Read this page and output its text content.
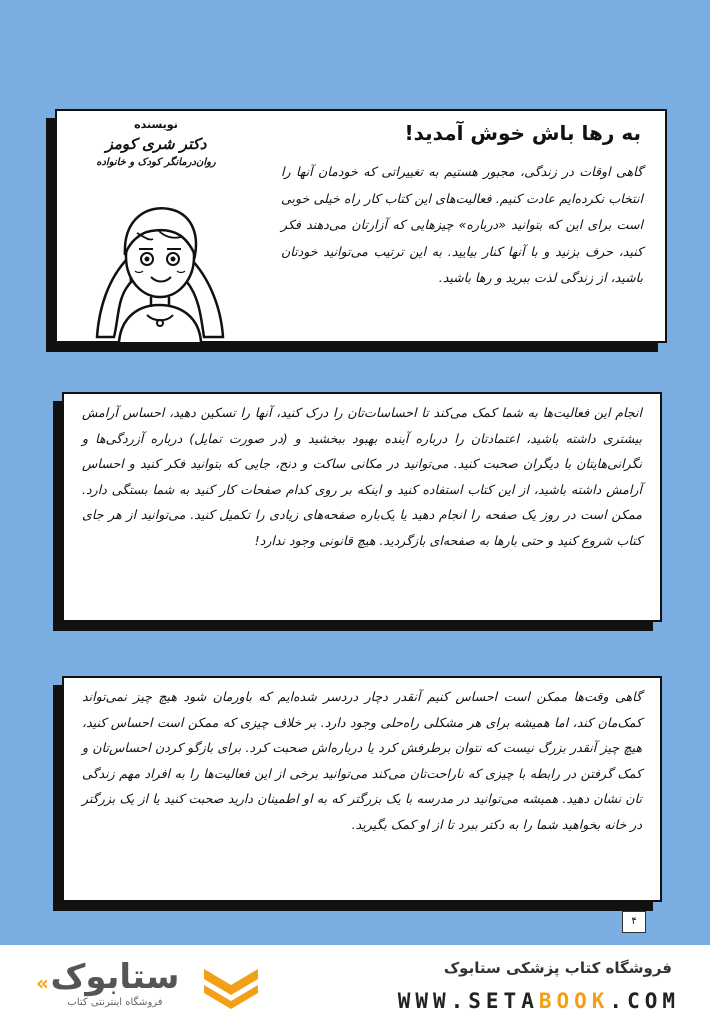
به رها باش خوش آمدید!
گاهی اوقات در زندگی، مجبور هستیم به تغییراتی که خودمان آنها را انتخاب نکرده‌ایم عادت کنیم. فعالیت‌های این کتاب کار راه خیلی خوبی است برای این که بتوانید «درباره» چیزهایی که آزارتان می‌دهند فکر کنید، حرف بزنید و با آنها کنار بیایید. به این ترتیب می‌توانید خودتان باشید، از زندگی لذت ببرید و رها باشید.
نویسنده
دکتر شری کومز
روان‌درمانگر کودک و خانواده
انجام این فعالیت‌ها به شما کمک می‌کند تا احساسات‌تان را درک کنید، آنها را تسکین دهید، احساس آرامش بیشتری داشته باشید، اعتماد‌تان را درباره آینده بهبود ببخشید و (در صورت تمایل) درباره آزردگی‌ها و نگرانی‌هایتان با دیگران صحبت کنید. می‌توانید در مکانی ساکت و دنج، جایی که بتوانید فکر کنید و احساس آرامش داشته باشید، از این کتاب استفاده کنید و اینکه بر روی کدام صفحات کار کنید به شما بستگی دارد. ممکن است در روز یک صفحه را انجام دهید یا یک‌باره صفحه‌های زیادی را تکمیل کنید. می‌توانید از هر جای کتاب شروع کنید و حتی بارها به صفحه‌ای بازگردید. هیچ قانونی وجود ندارد!
گاهی وقت‌ها ممکن است احساس کنیم آنقدر دچار دردسر شده‌ایم که باورمان شود هیچ چیز نمی‌تواند کمک‌مان کند، اما همیشه برای هر مشکلی راه‌حلی وجود دارد. بر خلاف چیزی که ممکن است احساس کنید، هیچ چیز آنقدر بزرگ نیست که نتوان برطرفش کرد یا درباره‌اش صحبت کرد. برای بازگو کردن احساس‌تان و کمک گرفتن در رابطه با چیزی که ناراحت‌تان می‌کند می‌توانید برخی از این فعالیت‌ها را به افراد مهم زندگی تان نشان دهید. همیشه می‌توانید در مدرسه با یک بزرگتر که به او اطمینان دارید صحبت کنید یا از یک بزرگتر در خانه بخواهید شما را به دکتر ببرد تا از او کمک بگیرید.
۴
فروشگاه کتاب پزشکی ستابوک
WWW.SETABOOK.COM
ستابوک
فروشگاه اینترنتی کتاب
«
